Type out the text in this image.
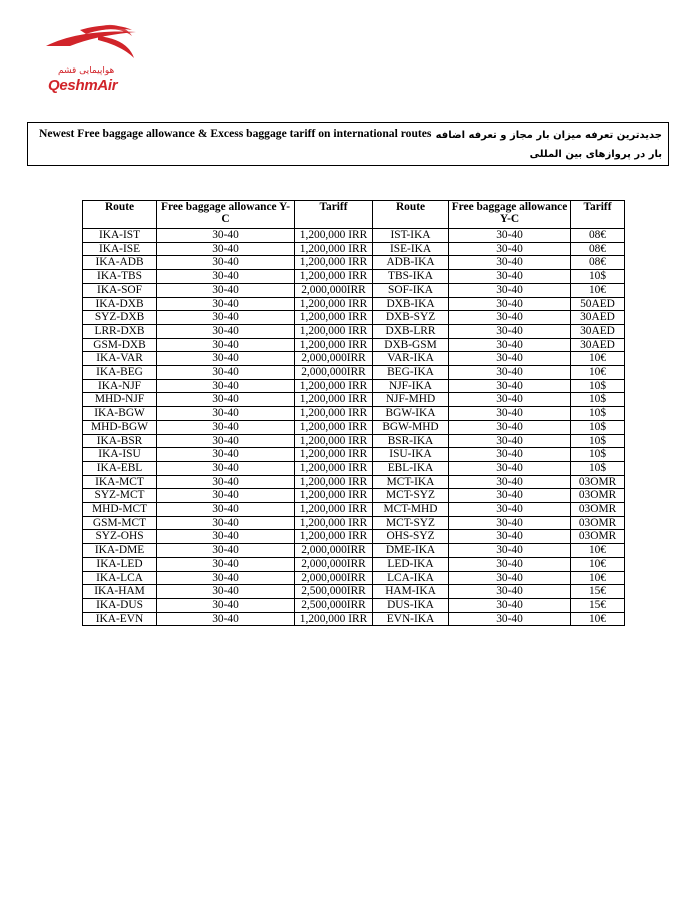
هواپیمایی قشم
QeshmAir
Newest Free baggage allowance & Excess baggage tariff on international routes جدیدترین تعرفه میزان بار مجاز و تعرفه اضافه بار در پروازهای بین المللی
Route	Free baggage allowance Y-C	Tariff	Route	Free baggage allowance Y-C	Tariff
IKA-IST	30-40	1,200,000 IRR	IST-IKA	30-40	08€
IKA-ISE	30-40	1,200,000 IRR	ISE-IKA	30-40	08€
IKA-ADB	30-40	1,200,000 IRR	ADB-IKA	30-40	08€
IKA-TBS	30-40	1,200,000 IRR	TBS-IKA	30-40	10$
IKA-SOF	30-40	2,000,000IRR	SOF-IKA	30-40	10€
IKA-DXB	30-40	1,200,000 IRR	DXB-IKA	30-40	50AED
SYZ-DXB	30-40	1,200,000 IRR	DXB-SYZ	30-40	30AED
LRR-DXB	30-40	1,200,000 IRR	DXB-LRR	30-40	30AED
GSM-DXB	30-40	1,200,000 IRR	DXB-GSM	30-40	30AED
IKA-VAR	30-40	2,000,000IRR	VAR-IKA	30-40	10€
IKA-BEG	30-40	2,000,000IRR	BEG-IKA	30-40	10€
IKA-NJF	30-40	1,200,000 IRR	NJF-IKA	30-40	10$
MHD-NJF	30-40	1,200,000 IRR	NJF-MHD	30-40	10$
IKA-BGW	30-40	1,200,000 IRR	BGW-IKA	30-40	10$
MHD-BGW	30-40	1,200,000 IRR	BGW-MHD	30-40	10$
IKA-BSR	30-40	1,200,000 IRR	BSR-IKA	30-40	10$
IKA-ISU	30-40	1,200,000 IRR	ISU-IKA	30-40	10$
IKA-EBL	30-40	1,200,000 IRR	EBL-IKA	30-40	10$
IKA-MCT	30-40	1,200,000 IRR	MCT-IKA	30-40	03OMR
SYZ-MCT	30-40	1,200,000 IRR	MCT-SYZ	30-40	03OMR
MHD-MCT	30-40	1,200,000 IRR	MCT-MHD	30-40	03OMR
GSM-MCT	30-40	1,200,000 IRR	MCT-SYZ	30-40	03OMR
SYZ-OHS	30-40	1,200,000 IRR	OHS-SYZ	30-40	03OMR
IKA-DME	30-40	2,000,000IRR	DME-IKA	30-40	10€
IKA-LED	30-40	2,000,000IRR	LED-IKA	30-40	10€
IKA-LCA	30-40	2,000,000IRR	LCA-IKA	30-40	10€
IKA-HAM	30-40	2,500,000IRR	HAM-IKA	30-40	15€
IKA-DUS	30-40	2,500,000IRR	DUS-IKA	30-40	15€
IKA-EVN	30-40	1,200,000 IRR	EVN-IKA	30-40	10€
